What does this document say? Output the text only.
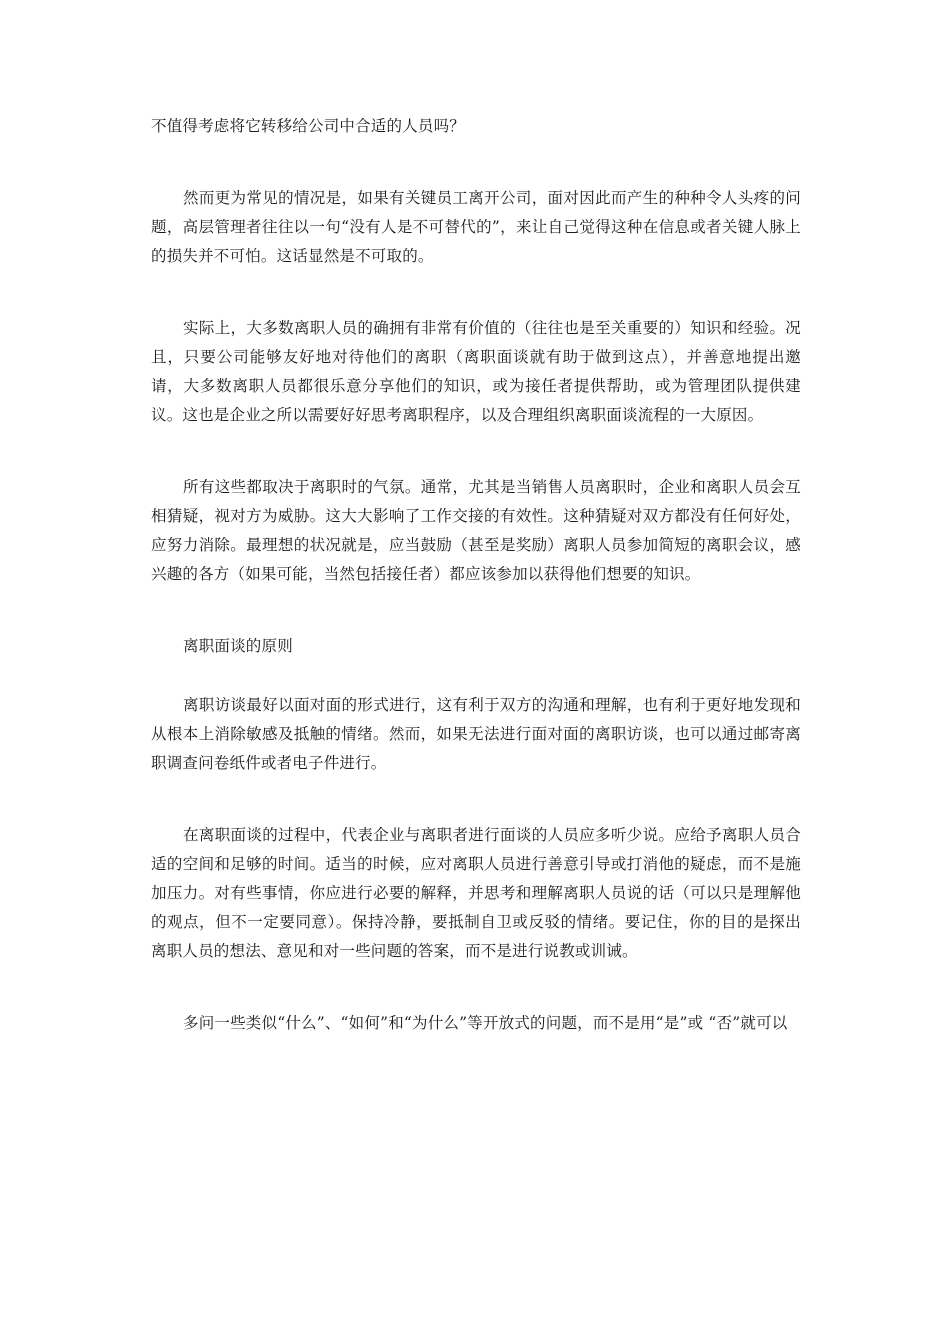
不值得考虑将它转移给公司中合适的人员吗？

然而更为常见的情况是，如果有关键员工离开公司，面对因此而产生的种种令人头疼的问题，高层管理者往往以一句“没有人是不可替代的”，来让自己觉得这种在信息或者关键人脉上的损失并不可怕。这话显然是不可取的。

实际上，大多数离职人员的确拥有非常有价值的（往往也是至关重要的）知识和经验。况且，只要公司能够友好地对待他们的离职（离职面谈就有助于做到这点），并善意地提出邀请，大多数离职人员都很乐意分享他们的知识，或为接任者提供帮助，或为管理团队提供建议。这也是企业之所以需要好好思考离职程序，以及合理组织离职面谈流程的一大原因。

所有这些都取决于离职时的气氛。通常，尤其是当销售人员离职时，企业和离职人员会互相猜疑，视对方为威胁。这大大影响了工作交接的有效性。这种猜疑对双方都没有任何好处，应努力消除。最理想的状况就是，应当鼓励（甚至是奖励）离职人员参加简短的离职会议，感兴趣的各方（如果可能，当然包括接任者）都应该参加以获得他们想要的知识。

离职面谈的原则

离职访谈最好以面对面的形式进行，这有利于双方的沟通和理解，也有利于更好地发现和从根本上消除敏感及抵触的情绪。然而，如果无法进行面对面的离职访谈，也可以通过邮寄离职调查问卷纸件或者电子件进行。

在离职面谈的过程中，代表企业与离职者进行面谈的人员应多听少说。应给予离职人员合适的空间和足够的时间。适当的时候，应对离职人员进行善意引导或打消他的疑虑，而不是施加压力。对有些事情，你应进行必要的解释，并思考和理解离职人员说的话（可以只是理解他的观点，但不一定要同意）。保持冷静，要抵制自卫或反驳的情绪。要记住，你的目的是探出离职人员的想法、意见和对一些问题的答案，而不是进行说教或训诫。

多问一些类似“什么”、“如何”和“为什么”等开放式的问题，而不是用“是”或 “否”就可以
